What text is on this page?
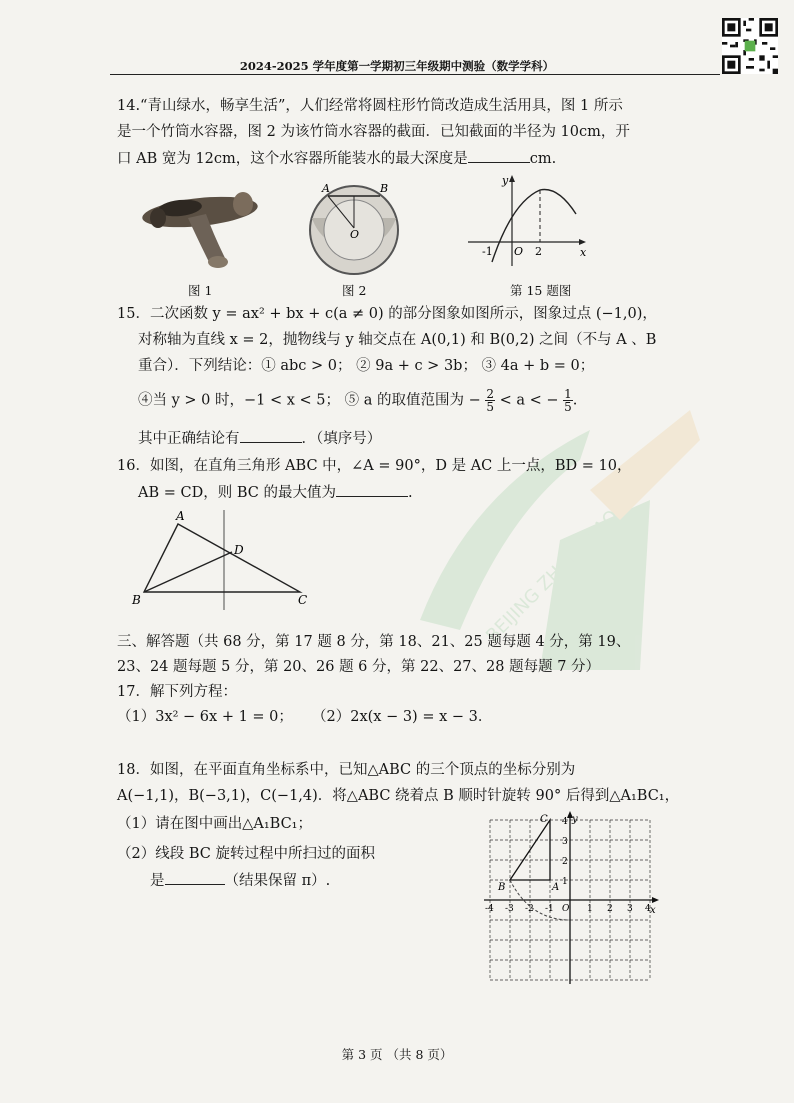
2024-2025 学年度第一学期初三年级期中测验（数学学科）
BEIJING ZHONGKAO
14.“青山绿水，畅享生活”，人们经常将圆柱形竹筒改造成生活用具，图 1 所示
是一个竹筒水容器，图 2 为该竹筒水容器的截面．已知截面的半径为 10cm，开
口 AB 宽为 12cm，这个水容器所能装水的最大深度是	cm.
图 1
A	B
O
图 2
y
x
-1 O 2
第 15 题图
15．二次函数 y = ax² + bx + c(a ≠ 0) 的部分图象如图所示，图象过点 (−1,0)，
对称轴为直线 x = 2，抛物线与 y 轴交点在 A(0,1) 和 B(0,2) 之间（不与 A 、B
重合）．下列结论：① abc > 0； ② 9a + c > 3b； ③ 4a + b = 0；
④当 y > 0 时，−1 < x < 5； ⑤ a 的取值范围为 − $\frac{2}{5} < a$ < − $\frac{1}{5}$ .
其中正确结论有	．（填序号）
16．如图，在直角三角形 ABC 中，∠A = 90°，D 是 AC 上一点，BD = 10，
AB = CD，则 BC 的最大值为	.
A
B	C
D
三、解答题（共 68 分，第 17 题 8 分，第 18、21、25 题每题 4 分，第 19、
23、24 题每题 5 分，第 20、26 题 6 分，第 22、27、28 题每题 7 分）
17．解下列方程：
（1）3x² − 6x + 1 = 0； （2）2x(x − 3) = x − 3．
18．如图，在平面直角坐标系中，已知△ABC 的三个顶点的坐标分别为
A(−1,1)，B(−3,1)，C(−1,4)．将△ABC 绕着点 B 顺时针旋转 90° 后得到△A₁BC₁，
（1）请在图中画出△A₁BC₁；
（2）线段 BC 旋转过程中所扫过的面积
是	（结果保留 π）.
y
x
C
B	A
O
-4 -3 -2 -1	1 2 3 4
4
3
2
1
第 3 页 （共 8 页）
